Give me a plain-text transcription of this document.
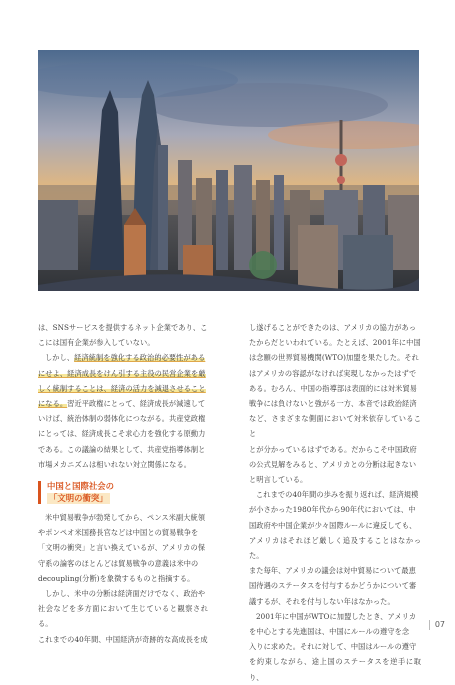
は、SNSサービスを提供するネット企業であり、こ
こには国有企業が参入していない。

しかし、経済統制を強化する政治的必要性がある
にせよ、経済成長をけん引する主役の民営企業を厳
しく統制することは、経済の活力を減退させること
になる。習近平政権にとって、経済成長が減速して
いけば、統治体制の弱体化につながる。共産党政権
にとっては、経済成長こそ求心力を強化する原動力
である。この議論の結果として、共産党指導体制と
市場メカニズムは相いれない対立関係になる。

中国と国際社会の
「文明の衝突」

米中貿易戦争が勃発してから、ペンス米副大統領
やポンペオ米国務長官などは中国との貿易戦争を
「文明の衝突」と言い換えているが、アメリカの保
守系の論客のほとんどは貿易戦争の意義は米中の
decoupling(分断)を象徴するものと指摘する。

しかし、米中の分断は経済面だけでなく、政治や
社会などを多方面において生じていると観察される。
これまでの40年間、中国経済が奇跡的な高成長を成

し遂げることができたのは、アメリカの協力があっ
たからだといわれている。たとえば、2001年に中国
は念願の世界貿易機関(WTO)加盟を果たした。それ
はアメリカの容認がなければ実現しなかったはずで
ある。むろん、中国の指導部は表面的には対米貿易
戦争には負けないと強がる一方、本音では政治経済
など、さまざまな側面において対米依存していること
とが分かっているはずである。だからこそ中国政府
の公式見解をみると、アメリカとの分断は起きない
と明言している。

これまでの40年間の歩みを振り返れば、経済規模
が小さかった1980年代から90年代においては、中
国政府や中国企業が少々国際ルールに違反しても、
アメリカはそれほど厳しく追及することはなかった。
また毎年、アメリカの議会は対中貿易について最恵
国待遇のステータスを付与するかどうかについて審
議するが、それを付与しない年はなかった。

2001年に中国がWTOに加盟したとき、アメリカ
を中心とする先進国は、中国にルールの遵守を念
入りに求めた。それに対して、中国はルールの遵守
を約束しながら、途上国のステータスを逆手に取り、

07
